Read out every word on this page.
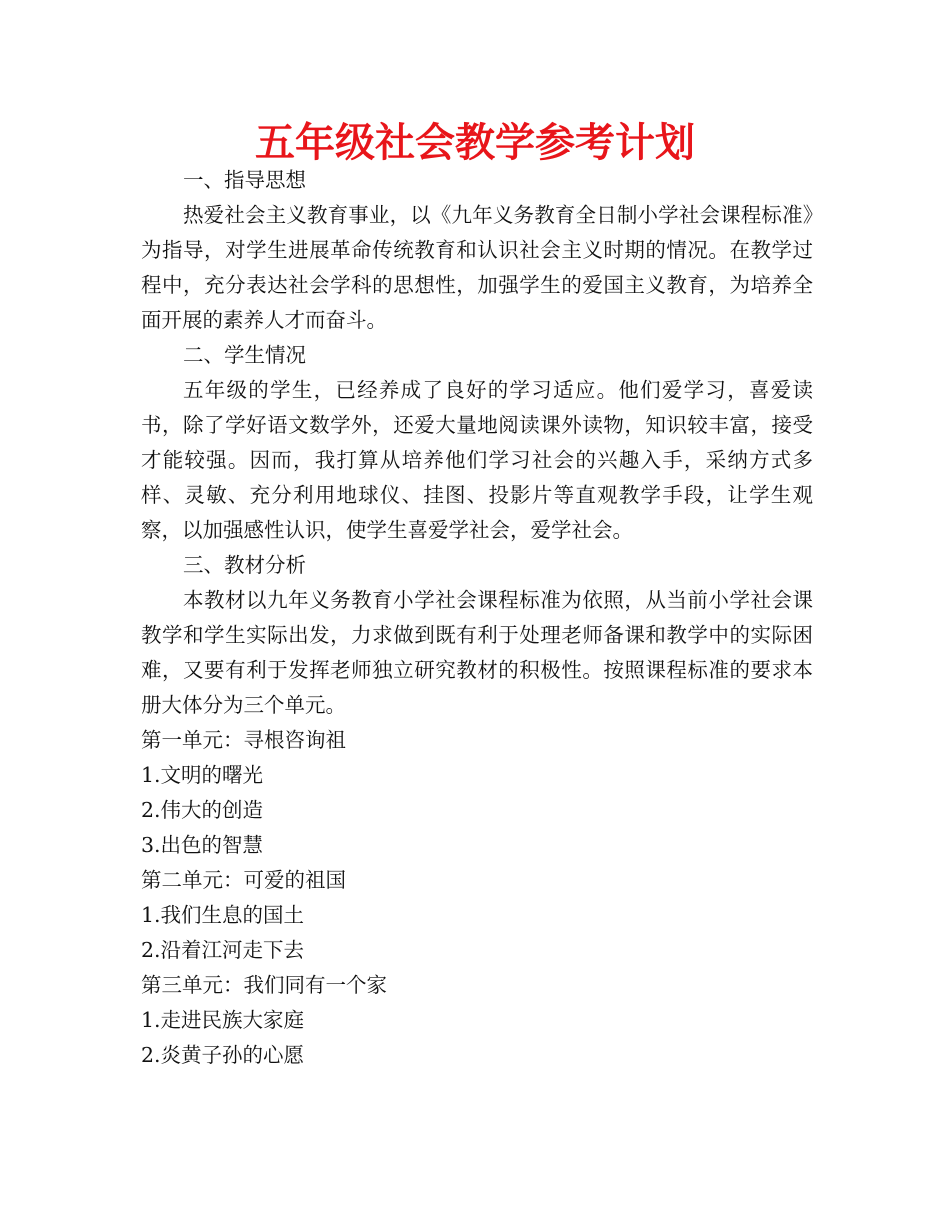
五年级社会教学参考计划

一、指导思想

热爱社会主义教育事业，以《九年义务教育全日制小学社会课程标准》为指导，对学生进展革命传统教育和认识社会主义时期的情况。在教学过程中，充分表达社会学科的思想性，加强学生的爱国主义教育，为培养全面开展的素养人才而奋斗。

二、学生情况

五年级的学生，已经养成了良好的学习适应。他们爱学习，喜爱读书，除了学好语文数学外，还爱大量地阅读课外读物，知识较丰富，接受才能较强。因而，我打算从培养他们学习社会的兴趣入手，采纳方式多样、灵敏、充分利用地球仪、挂图、投影片等直观教学手段，让学生观察，以加强感性认识，使学生喜爱学社会，爱学社会。

三、教材分析

本教材以九年义务教育小学社会课程标准为依照，从当前小学社会课教学和学生实际出发，力求做到既有利于处理老师备课和教学中的实际困难，又要有利于发挥老师独立研究教材的积极性。按照课程标准的要求本册大体分为三个单元。

第一单元：寻根咨询祖

1.文明的曙光

2.伟大的创造

3.出色的智慧

第二单元：可爱的祖国

1.我们生息的国土

2.沿着江河走下去

第三单元：我们同有一个家

1.走进民族大家庭

2.炎黄子孙的心愿
